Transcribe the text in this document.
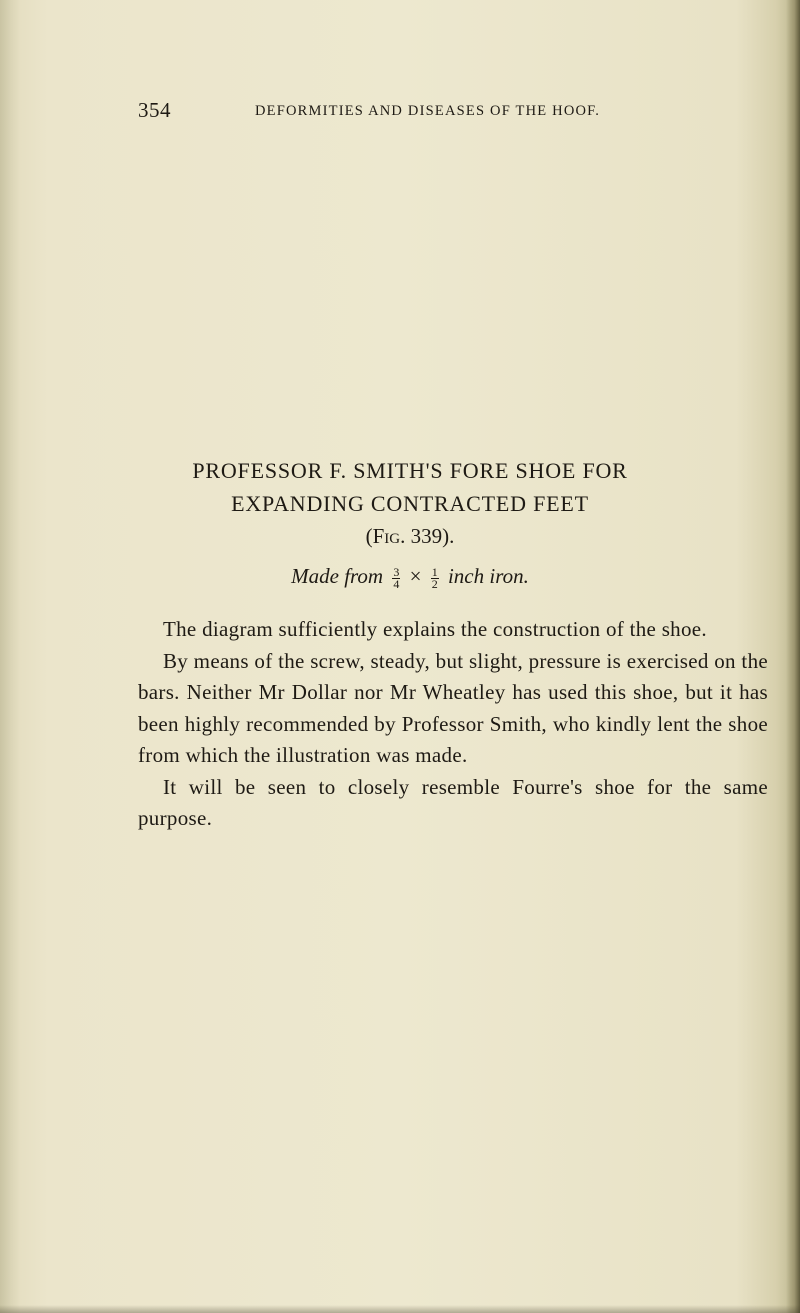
354	DEFORMITIES AND DISEASES OF THE HOOF.
PROFESSOR F. SMITH'S FORE SHOE FOR
EXPANDING CONTRACTED FEET
(Fig. 339).
Made from $\frac{3}{4} \times \frac{1}{2}$ inch iron.

The diagram sufficiently explains the construction of the shoe.

By means of the screw, steady, but slight, pressure is exercised on the bars. Neither Mr Dollar nor Mr Wheatley has used this shoe, but it has been highly recommended by Professor Smith, who kindly lent the shoe from which the illustration was made.

It will be seen to closely resemble Fourre's shoe for the same purpose.
